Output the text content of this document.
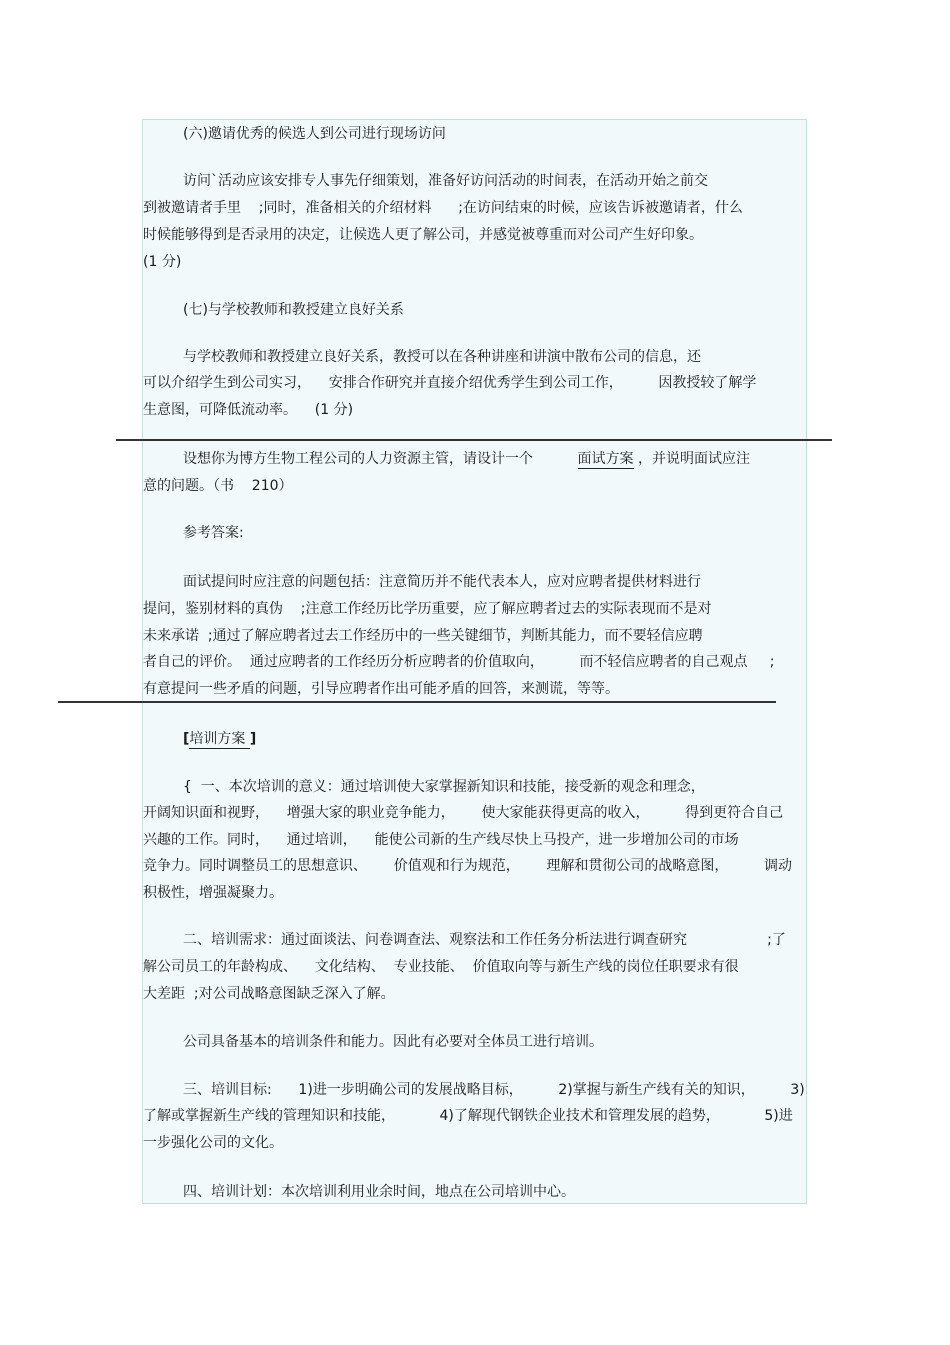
(六)邀请优秀的候选人到公司进行现场访问
访问`活动应该安排专人事先仔细策划，准备好访问活动的时间表，在活动开始之前交
到被邀请者手里    ;同时，准备相关的介绍材料      ;在访问结束的时候，应该告诉被邀请者，什么
时候能够得到是否录用的决定，让候选人更了解公司，并感觉被尊重而对公司产生好印象。
(1 分)
(七)与学校教师和教授建立良好关系
与学校教师和教授建立良好关系，教授可以在各种讲座和讲演中散布公司的信息，还
可以介绍学生到公司实习，    安排合作研究并直接介绍优秀学生到公司工作，        因教授较了解学
生意图，可降低流动率。    (1 分)
设想你为博方生物工程公司的人力资源主管，请设计一个          面试方案 ，并说明面试应注
意的问题。（书    210）
参考答案:
面试提问时应注意的问题包括：注意简历并不能代表本人，应对应聘者提供材料进行
提问，鉴别材料的真伪    ;注意工作经历比学历重要，应了解应聘者过去的实际表现而不是对
未来承诺  ;通过了解应聘者过去工作经历中的一些关键细节，判断其能力，而不要轻信应聘
者自己的评价。  通过应聘者的工作经历分析应聘者的价值取向，        而不轻信应聘者的自己观点     ;
有意提问一些矛盾的问题，引导应聘者作出可能矛盾的回答，来测谎，等等。
[培训方案 ]
{  一、本次培训的意义：通过培训使大家掌握新知识和技能，接受新的观念和理念，
开阔知识面和视野，    增强大家的职业竞争能力，      使大家能获得更高的收入，        得到更符合自己
兴趣的工作。同时，    通过培训，    能使公司新的生产线尽快上马投产，进一步增加公司的市场
竞争力。同时调整员工的思想意识、      价值观和行为规范，      理解和贯彻公司的战略意图，        调动
积极性，增强凝聚力。
二、培训需求：通过面谈法、问卷调查法、观察法和工作任务分析法进行调查研究                  ;了
解公司员工的年龄构成、    文化结构、  专业技能、  价值取向等与新生产线的岗位任职要求有很
大差距  ;对公司战略意图缺乏深入了解。
公司具备基本的培训条件和能力。因此有必要对全体员工进行培训。
三、培训目标:      1)进一步明确公司的发展战略目标，        2)掌握与新生产线有关的知识，        3)
了解或掌握新生产线的管理知识和技能，          4)了解现代钢铁企业技术和管理发展的趋势，          5)进
一步强化公司的文化。
四、培训计划：本次培训利用业余时间，地点在公司培训中心。
